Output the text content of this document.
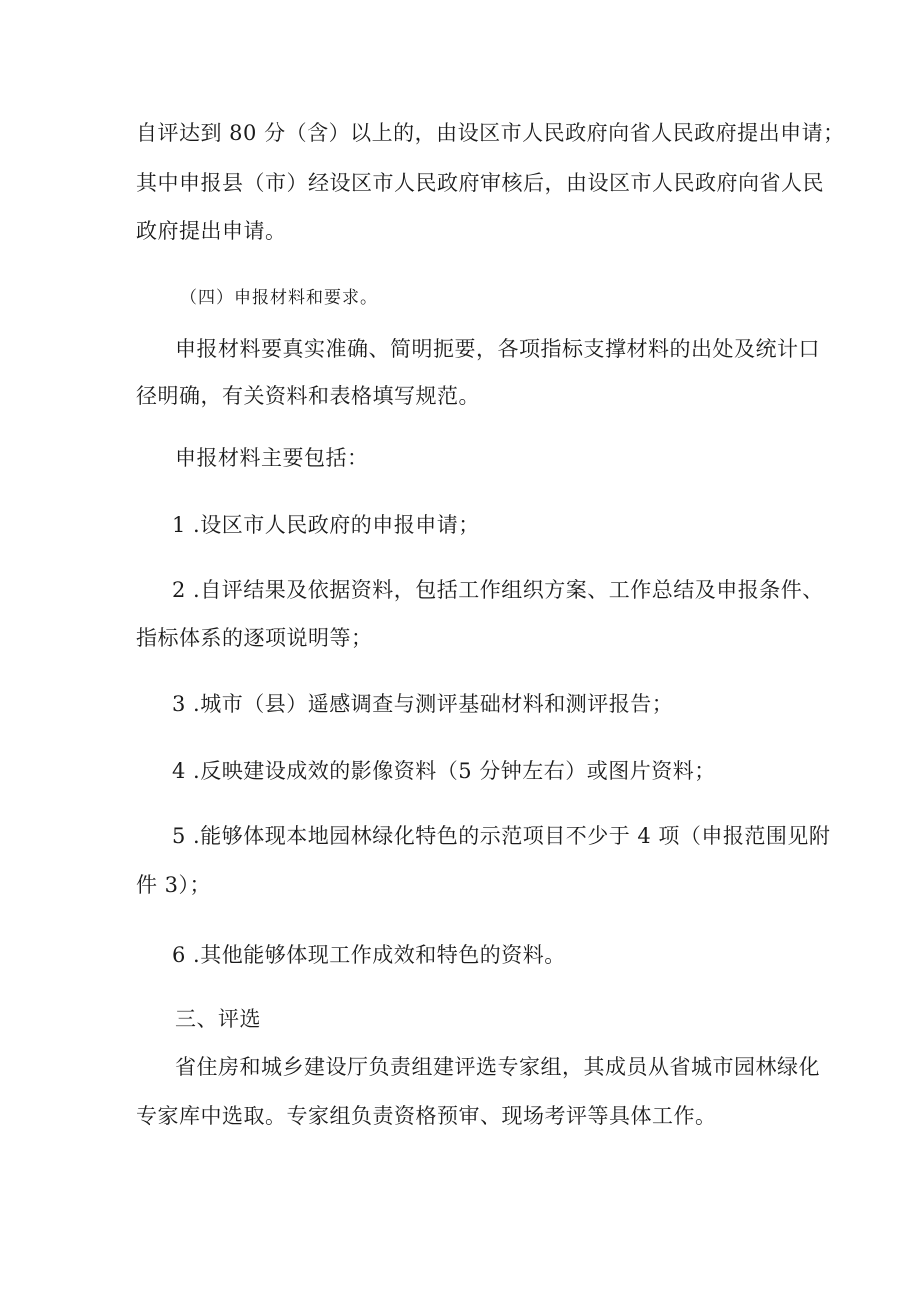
自评达到 80 分（含）以上的，由设区市人民政府向省人民政府提出申请；
其中申报县（市）经设区市人民政府审核后，由设区市人民政府向省人民
政府提出申请。
（四）申报材料和要求。
申报材料要真实准确、简明扼要，各项指标支撑材料的出处及统计口
径明确，有关资料和表格填写规范。
申报材料主要包括：
1 .设区市人民政府的申报申请；
2 .自评结果及依据资料，包括工作组织方案、工作总结及申报条件、
指标体系的逐项说明等；
3 .城市（县）遥感调查与测评基础材料和测评报告；
4 .反映建设成效的影像资料（5 分钟左右）或图片资料；
5 .能够体现本地园林绿化特色的示范项目不少于 4 项（申报范围见附
件 3）；
6 .其他能够体现工作成效和特色的资料。
三、评选
省住房和城乡建设厅负责组建评选专家组，其成员从省城市园林绿化
专家库中选取。专家组负责资格预审、现场考评等具体工作。
